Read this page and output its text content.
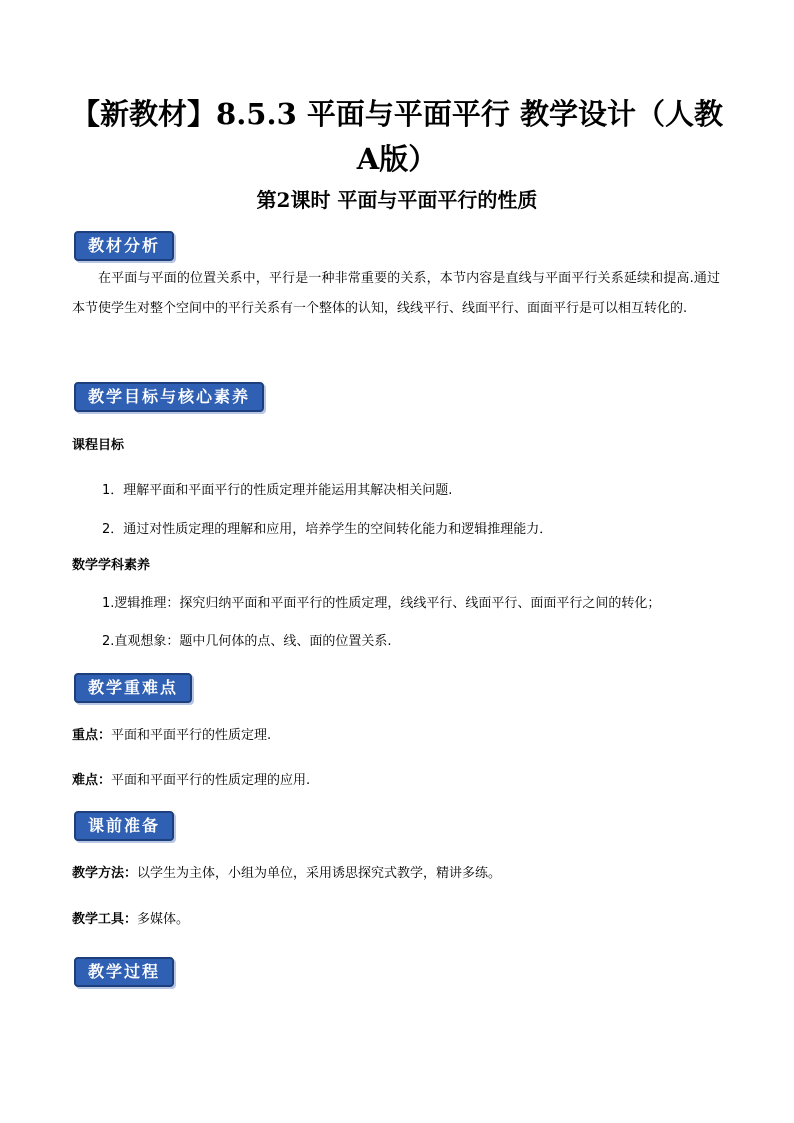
【新教材】8.5.3 平面与平面平行 教学设计（人教A版）
第2课时 平面与平面平行的性质
教材分析
在平面与平面的位置关系中，平行是一种非常重要的关系，本节内容是直线与平面平行关系延续和提高.通过本节使学生对整个空间中的平行关系有一个整体的认知，线线平行、线面平行、面面平行是可以相互转化的.
教学目标与核心素养
课程目标
1．理解平面和平面平行的性质定理并能运用其解决相关问题.
2．通过对性质定理的理解和应用，培养学生的空间转化能力和逻辑推理能力．
数学学科素养
1.逻辑推理：探究归纳平面和平面平行的性质定理，线线平行、线面平行、面面平行之间的转化；
2.直观想象：题中几何体的点、线、面的位置关系.
教学重难点
重点：平面和平面平行的性质定理.
难点：平面和平面平行的性质定理的应用.
课前准备
教学方法：以学生为主体，小组为单位，采用诱思探究式教学，精讲多练。
教学工具：多媒体。
教学过程
